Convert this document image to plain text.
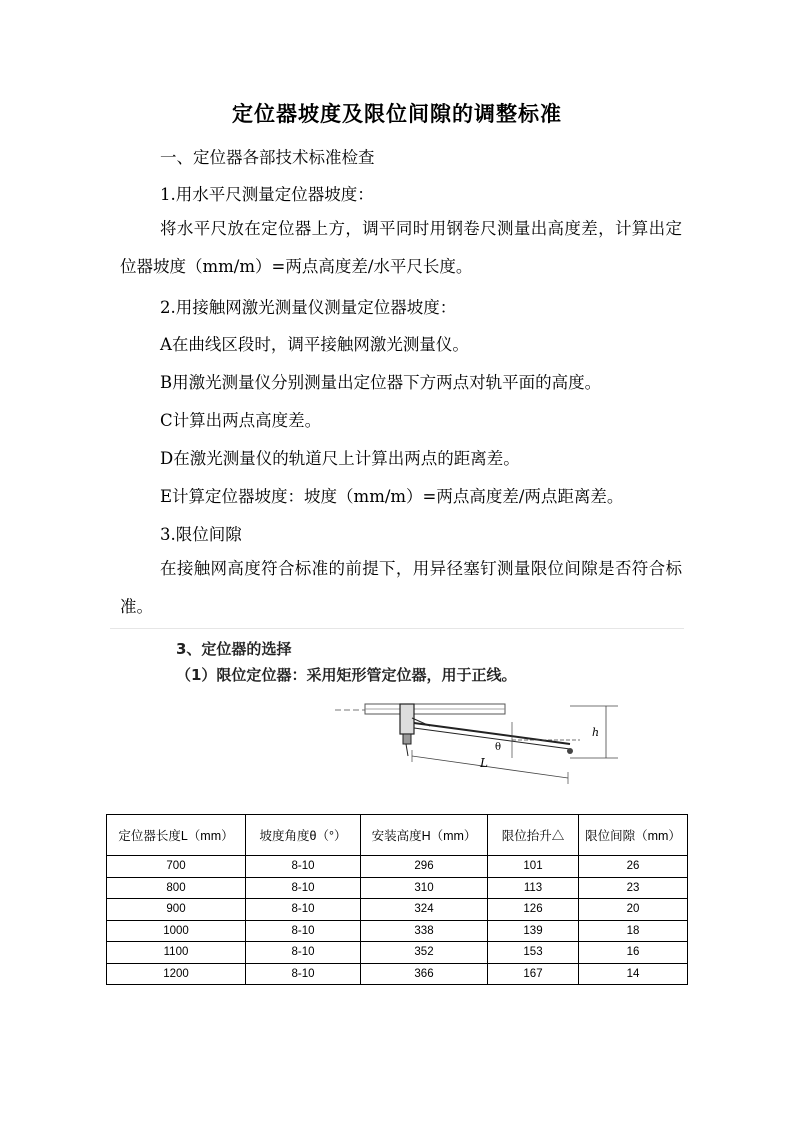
定位器坡度及限位间隙的调整标准
一、定位器各部技术标准检查
1.用水平尺测量定位器坡度：
将水平尺放在定位器上方，调平同时用钢卷尺测量出高度差，计算出定位器坡度（mm/m）=两点高度差/水平尺长度。
2.用接触网激光测量仪测量定位器坡度：
A在曲线区段时，调平接触网激光测量仪。
B用激光测量仪分别测量出定位器下方两点对轨平面的高度。
C计算出两点高度差。
D在激光测量仪的轨道尺上计算出两点的距离差。
E计算定位器坡度：坡度（mm/m）=两点高度差/两点距离差。
3.限位间隙
在接触网高度符合标准的前提下，用异径塞钉测量限位间隙是否符合标准。
3、定位器的选择
（1）限位定位器：采用矩形管定位器，用于正线。
h
θ
L
定位器长度L（mm）	坡度角度θ（°）	安装高度H（mm）	限位抬升△	限位间隙（mm）
700	8-10	296	101	26
800	8-10	310	113	23
900	8-10	324	126	20
1000	8-10	338	139	18
1100	8-10	352	153	16
1200	8-10	366	167	14
